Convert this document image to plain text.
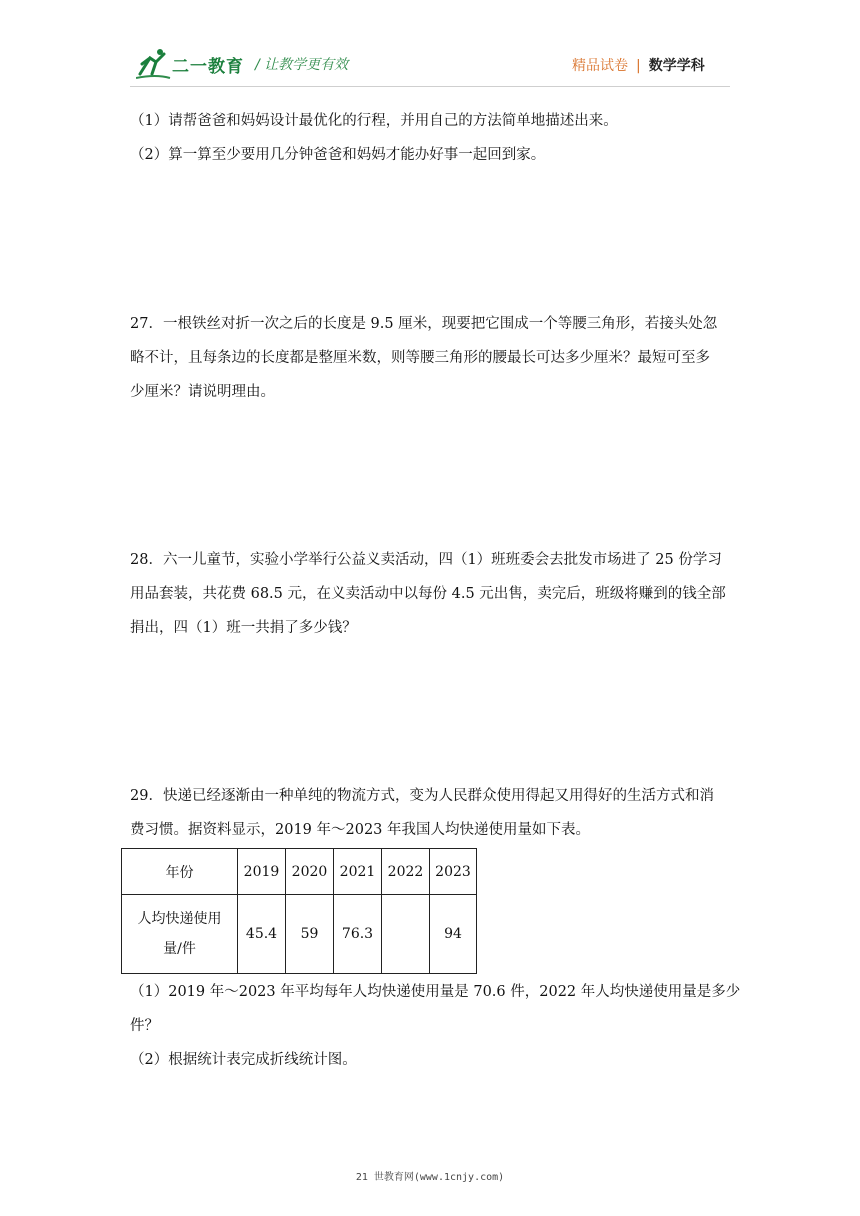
二一教育 / 让教学更有效	精品试卷 | 数学学科
（1）请帮爸爸和妈妈设计最优化的行程，并用自己的方法简单地描述出来。
（2）算一算至少要用几分钟爸爸和妈妈才能办好事一起回到家。
27．一根铁丝对折一次之后的长度是 9.5 厘米，现要把它围成一个等腰三角形，若接头处忽
略不计，且每条边的长度都是整厘米数，则等腰三角形的腰最长可达多少厘米？最短可至多
少厘米？请说明理由。
28．六一儿童节，实验小学举行公益义卖活动，四（1）班班委会去批发市场进了 25 份学习
用品套装，共花费 68.5 元，在义卖活动中以每份 4.5 元出售，卖完后，班级将赚到的钱全部
捐出，四（1）班一共捐了多少钱？
29．快递已经逐渐由一种单纯的物流方式，变为人民群众使用得起又用得好的生活方式和消
费习惯。据资料显示，2019 年～2023 年我国人均快递使用量如下表。
年份	2019	2020	2021	2022	2023
人均快递使用
量/件	45.4	59	76.3		94
（1）2019 年～2023 年平均每年人均快递使用量是 70.6 件，2022 年人均快递使用量是多少
件？
（2）根据统计表完成折线统计图。
21 世教育网(www.1cnjy.com)
